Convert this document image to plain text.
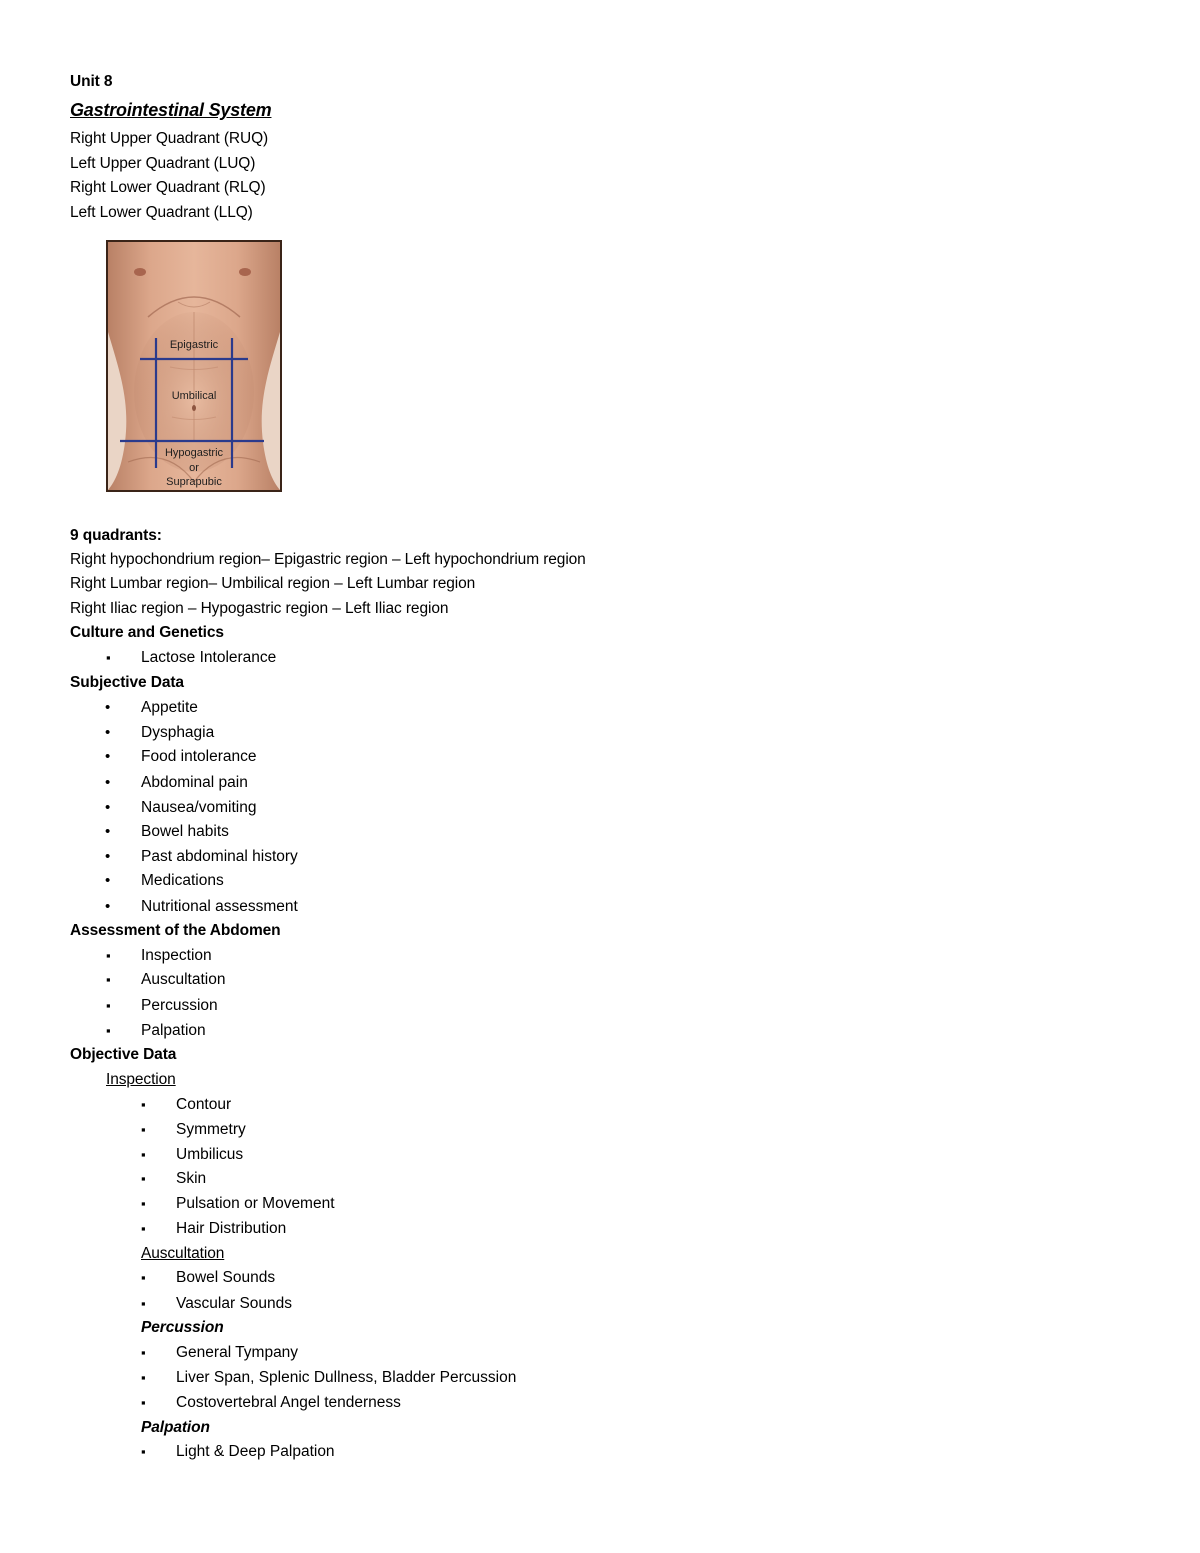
Unit 8
Gastrointestinal System
Right Upper Quadrant (RUQ)
Left Upper Quadrant (LUQ)
Right Lower Quadrant (RLQ)
Left Lower Quadrant (LLQ)
Epigastric
Umbilical
Hypogastric
or
Suprapubic
9 quadrants:
Right hypochondrium region– Epigastric region – Left hypochondrium region
Right Lumbar region– Umbilical region – Left Lumbar region
Right Iliac region – Hypogastric region – Left Iliac region
Culture and Genetics
▪ Lactose Intolerance
Subjective Data
• Appetite
• Dysphagia
• Food intolerance
• Abdominal pain
• Nausea/vomiting
• Bowel habits
• Past abdominal history
• Medications
• Nutritional assessment
Assessment of the Abdomen
▪ Inspection
▪ Auscultation
▪ Percussion
▪ Palpation
Objective Data
Inspection
▪ Contour
▪ Symmetry
▪ Umbilicus
▪ Skin
▪ Pulsation or Movement
▪ Hair Distribution
Auscultation
▪ Bowel Sounds
▪ Vascular Sounds
Percussion
▪ General Tympany
▪ Liver Span, Splenic Dullness, Bladder Percussion
▪ Costovertebral Angel tenderness
Palpation
▪ Light & Deep Palpation
